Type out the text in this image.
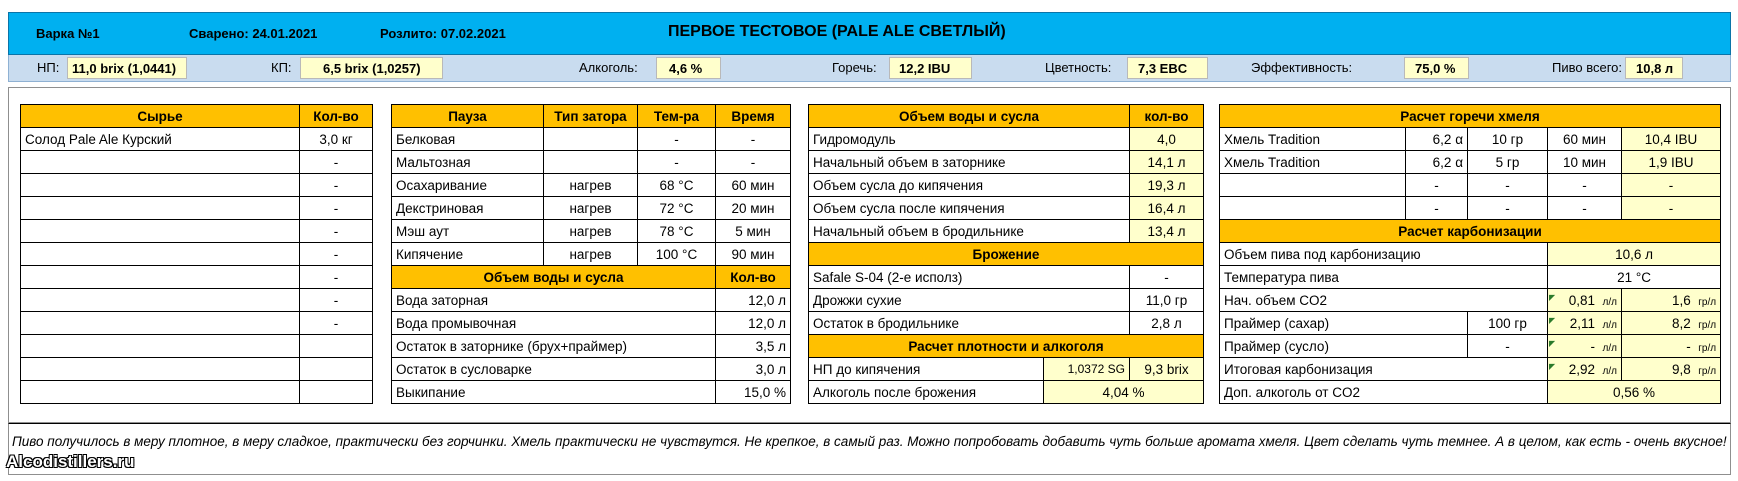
Варка №1	Сварено: 24.01.2021	Розлито: 07.02.2021	ПЕРВОЕ ТЕСТОВОЕ (PALE ALE СВЕТЛЫЙ)
НП: 11,0 brix (1,0441)	КП:	6,5 brix (1,0257)	Алкоголь:	4,6 %	Горечь:	12,2 IBU	Цветность:	7,3 EBC	Эффективность:	75,0 %	Пиво всего:	10,8 л
Сырье	Кол-во
Солод Pale Ale Курский	3,0 кг
	-
	-
	-
	-
	-
	-
	-
	-

Пауза	Тип затора	Тем-ра	Время
Белковая		-	-
Мальтозная		-	-
Осахаривание	нагрев	68 °C	60 мин
Декстриновая	нагрев	72 °C	20 мин
Мэш аут	нагрев	78 °C	5 мин
Кипячение	нагрев	100 °C	90 мин
Объем воды и сусла			Кол-во
Вода заторная			12,0 л
Вода промывочная			12,0 л
Остаток в заторнике (брух+праймер)			3,5 л
Остаток в сусловарке			3,0 л
Выкипание			15,0 %
Объем воды и сусла		кол-во
Гидромодуль		4,0
Начальный объем в заторнике		14,1 л
Объем сусла до кипячения		19,3 л
Объем сусла после кипячения		16,4 л
Начальный объем в бродильнике		13,4 л
Брожение		
Safale S-04 (2-е исполз)		-
Дрожжи сухие		11,0 гр
Остаток в бродильнике		2,8 л
Расчет плотности и алкоголя		
НП до кипячения	1,0372 SG	9,3 brix
Алкоголь после брожения	4,04 %	
Расчет горечи хмеля				
Хмель Tradition	6,2 α	10 гр	60 мин	10,4 IBU
Хмель Tradition	6,2 α	5 гр	10 мин	1,9 IBU
	-	-	-	-
	-	-	-	-
Расчет карбонизации				
Объем пива под карбонизацию			10,6 л	
Температура пива			21 °C	
Нач. объем CO2			◤ 0,81 л/л	1,6 гр/л
Праймер (сахар)		100 гр	◤ 2,11 л/л	8,2 гр/л
Праймер (сусло)		-	◤ - л/л	- гр/л
Итоговая карбонизация			◤ 2,92 л/л	9,8 гр/л
Доп. алкоголь от CO2			0,56 %	
Пиво получилось в меру плотное, в меру сладкое, практически без горчинки. Хмель практически не чувствутся. Не крепкое, в самый раз. Можно попробовать добавить чуть больше аромата хмеля. Цвет сделать чуть темнее. А в целом, как есть - очень вкусное!
Alcodistillers.ru
